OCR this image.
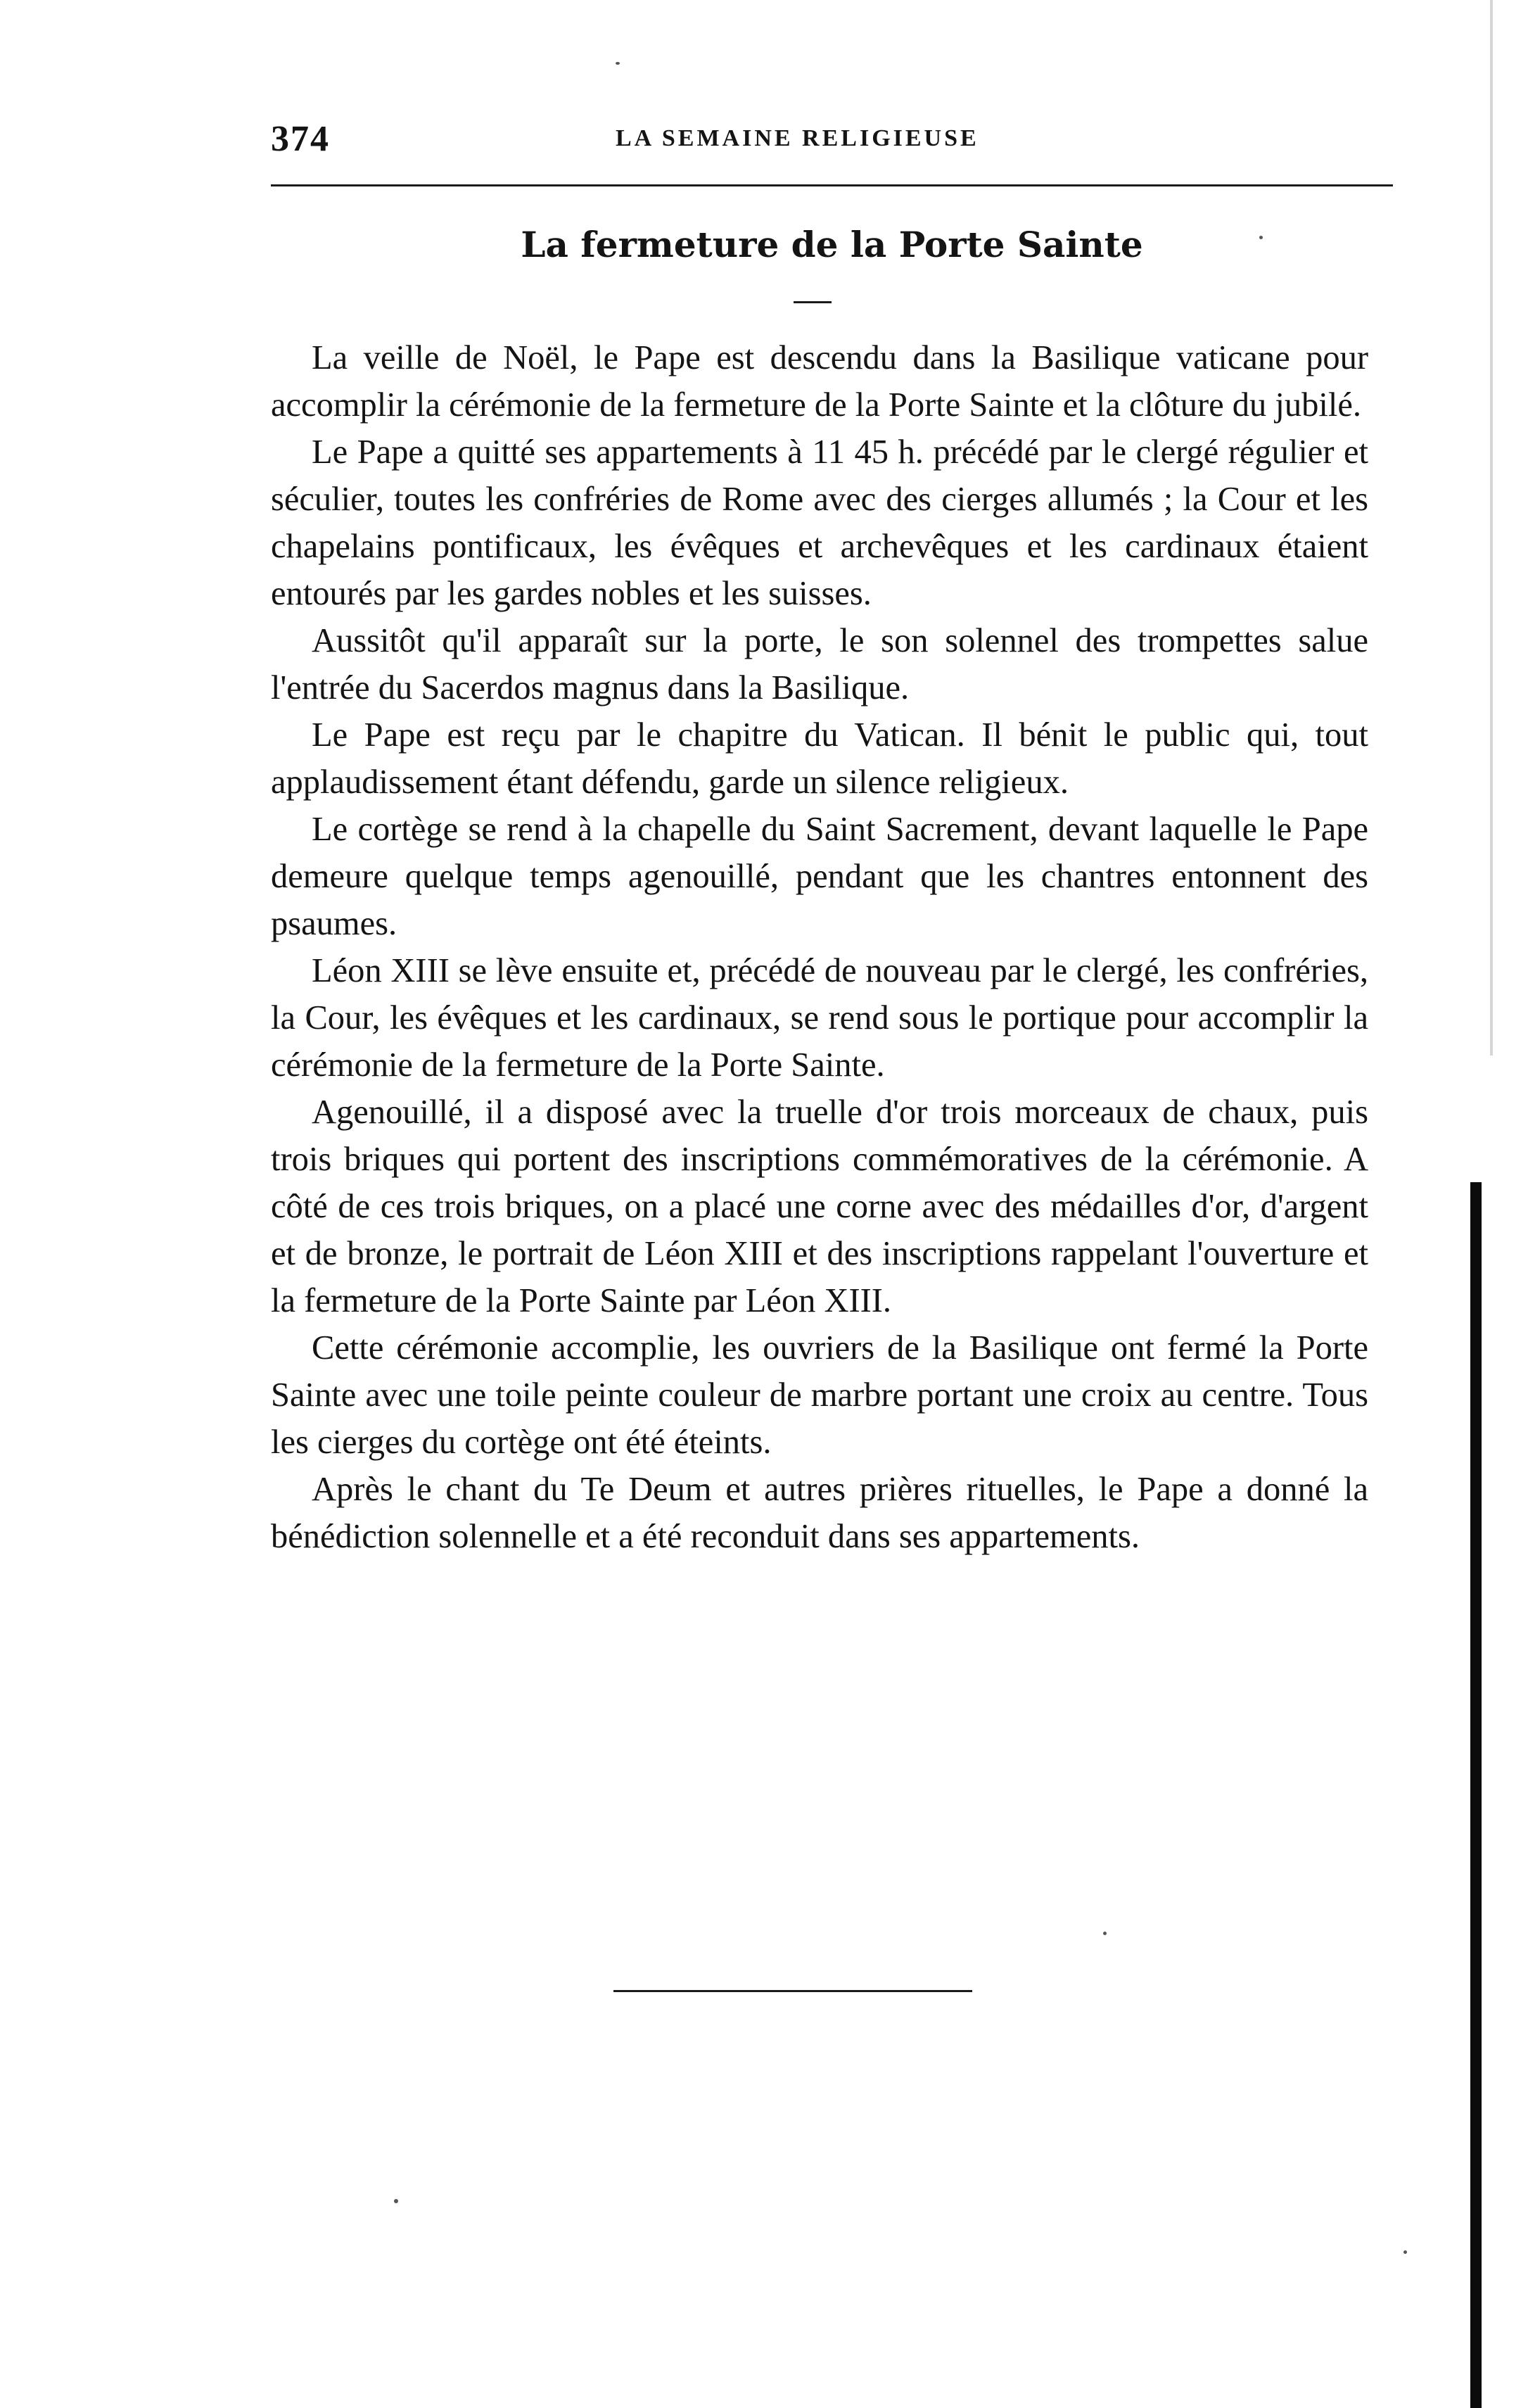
374	LA SEMAINE RELIGIEUSE
La fermeture de la Porte Sainte

La veille de Noël, le Pape est descendu dans la Basilique vaticane pour accomplir la cérémonie de la fermeture de la Porte Sainte et la clôture du jubilé.

Le Pape a quitté ses appartements à 11 45 h. précédé par le clergé régulier et séculier, toutes les confréries de Rome avec des cierges allumés ; la Cour et les chapelains pontificaux, les évêques et archevêques et les cardinaux étaient entourés par les gardes nobles et les suisses.

Aussitôt qu'il apparaît sur la porte, le son solennel des trompettes salue l'entrée du Sacerdos magnus dans la Basilique.

Le Pape est reçu par le chapitre du Vatican. Il bénit le public qui, tout applaudissement étant défendu, garde un silence religieux.

Le cortège se rend à la chapelle du Saint Sacrement, devant laquelle le Pape demeure quelque temps agenouillé, pendant que les chantres entonnent des psaumes.

Léon XIII se lève ensuite et, précédé de nouveau par le clergé, les confréries, la Cour, les évêques et les cardinaux, se rend sous le portique pour accomplir la cérémonie de la fermeture de la Porte Sainte.

Agenouillé, il a disposé avec la truelle d'or trois morceaux de chaux, puis trois briques qui portent des inscriptions commémoratives de la cérémonie. A côté de ces trois briques, on a placé une corne avec des médailles d'or, d'argent et de bronze, le portrait de Léon XIII et des inscriptions rappelant l'ouverture et la fermeture de la Porte Sainte par Léon XIII.

Cette cérémonie accomplie, les ouvriers de la Basilique ont fermé la Porte Sainte avec une toile peinte couleur de marbre portant une croix au centre. Tous les cierges du cortège ont été éteints.

Après le chant du Te Deum et autres prières rituelles, le Pape a donné la bénédiction solennelle et a été reconduit dans ses appartements.
